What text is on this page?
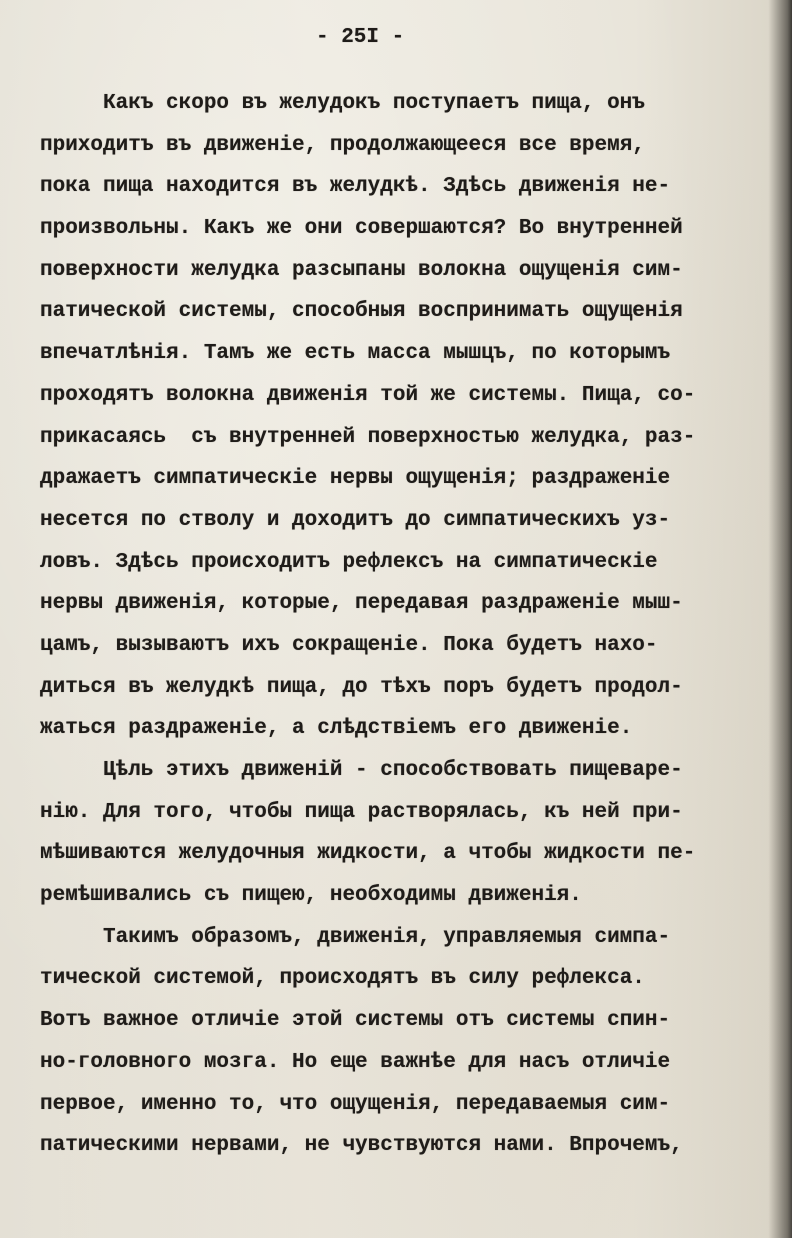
- 25I -
Какъ скоро въ желудокъ поступаетъ пища, онъ
приходитъ въ движенiе, продолжающееся все время,
пока пища находится въ желудкѣ. Здѣсь движенiя не-
произвольны. Какъ же они совершаются? Во внутренней
поверхности желудка разсыпаны волокна ощущенiя сим-
патической системы, способныя воспринимать ощущенiя
впечатлѣнiя. Тамъ же есть масса мышцъ, по которымъ
проходятъ волокна движенiя той же системы. Пища, со-
прикасаясь  съ внутренней поверхностью желудка, раз-
дражаетъ симпатическiе нервы ощущенiя; раздраженiе
несется по стволу и доходитъ до симпатическихъ уз-
ловъ. Здѣсь происходитъ рефлексъ на симпатическiе
нервы движенiя, которые, передавая раздраженiе мыш-
цамъ, вызываютъ ихъ сокращенiе. Пока будетъ нахо-
диться въ желудкѣ пища, до тѣхъ поръ будетъ продол-
жаться раздраженiе, а слѣдствiемъ его движенiе.
Цѣль этихъ движенiй - способствовать пищеваре-
нiю. Для того, чтобы пища растворялась, къ ней при-
мѣшиваются желудочныя жидкости, а чтобы жидкости пе-
ремѣшивались съ пищею, необходимы движенiя.
Такимъ образомъ, движенiя, управляемыя симпа-
тической системой, происходятъ въ силу рефлекса.
Вотъ важное отличiе этой системы отъ системы спин-
но-головного мозга. Но еще важнѣе для насъ отличiе
первое, именно то, что ощущенiя, передаваемыя сим-
патическими нервами, не чувствуются нами. Впрочемъ,
